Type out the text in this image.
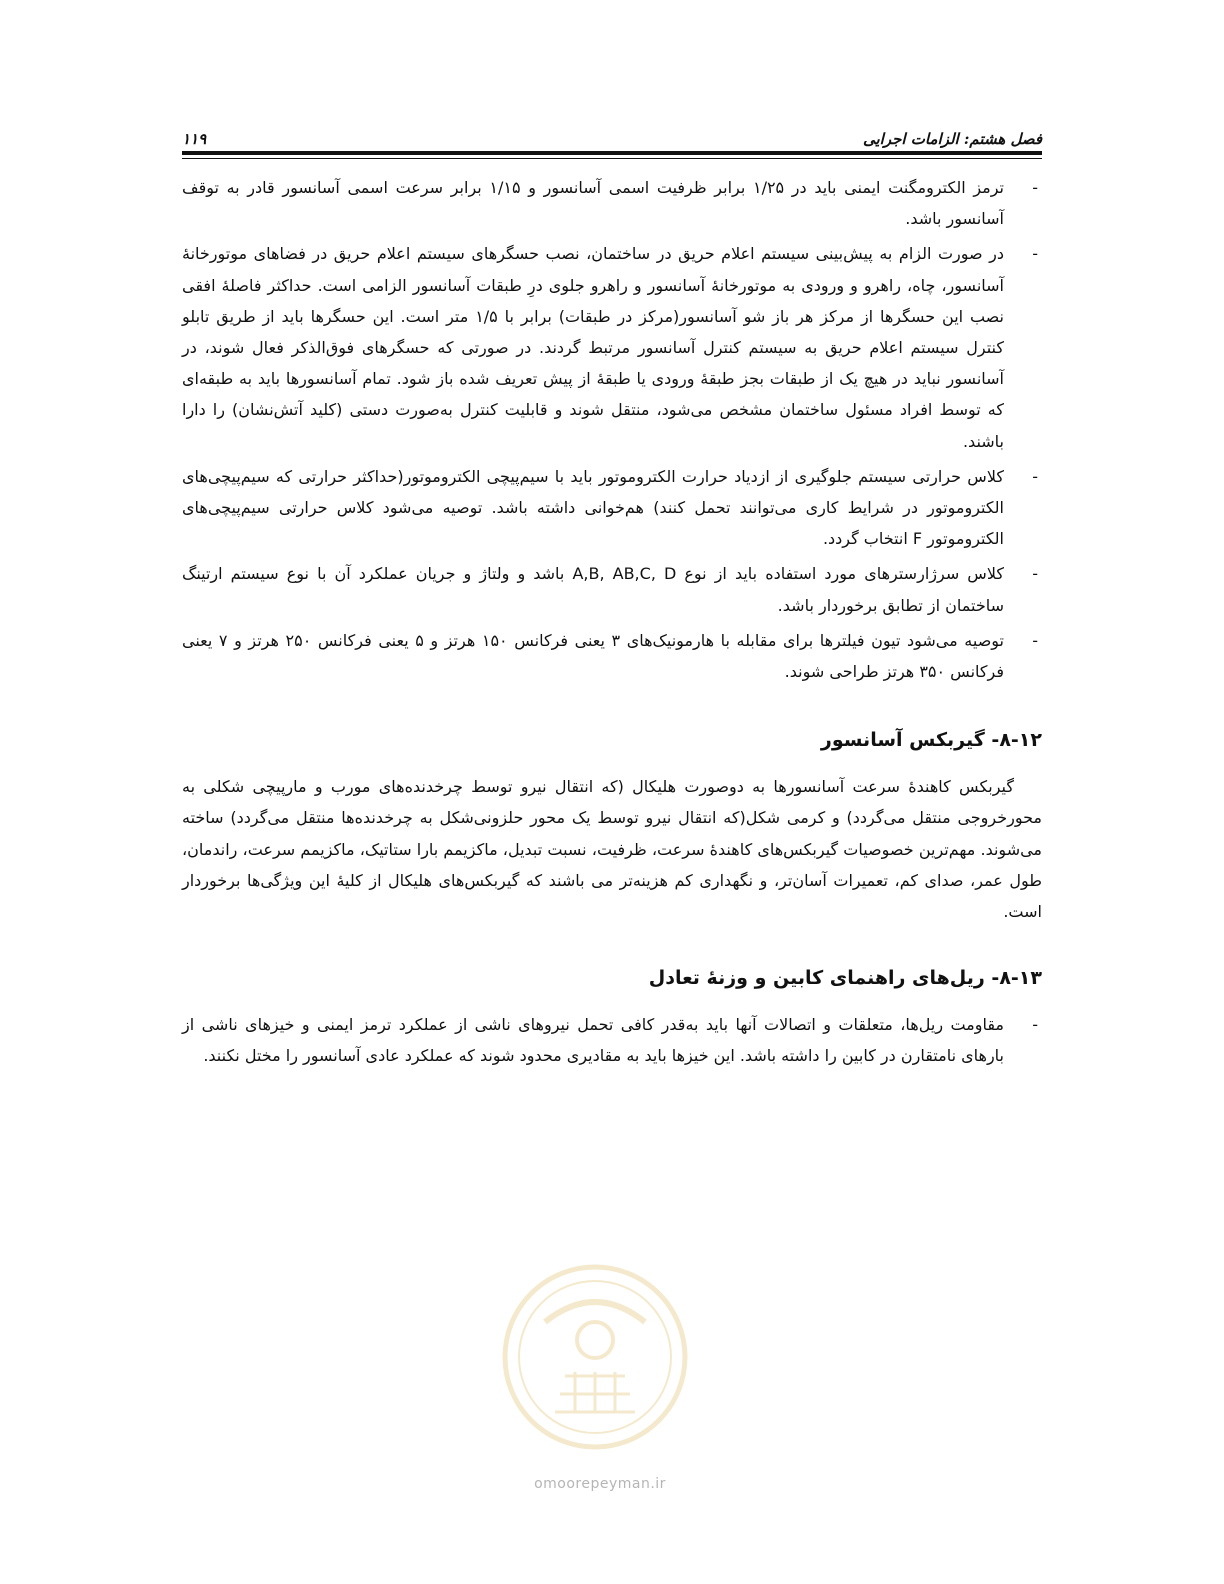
فصل هشتم: الزامات اجرایی
۱۱۹
-
ترمز الکترومگنت ایمنی باید در ۱/۲۵ برابر ظرفیت اسمی آسانسور و ۱/۱۵ برابر سرعت اسمی آسانسور قادر به توقف آسانسور باشد.
-
در صورت الزام به پیش‌بینی سیستم اعلام حریق در ساختمان، نصب حسگرهای سیستم اعلام حریق در فضاهای موتورخانهٔ آسانسور، چاه، راهرو و ورودی به موتورخانهٔ آسانسور و راهرو جلوی درِ طبقات آسانسور الزامی است. حداکثر فاصلهٔ افقی نصب این حسگرها از مرکز هر باز شو آسانسور(مرکز در طبقات) برابر با ۱/۵ متر است. این حسگرها باید از طریق تابلو کنترل سیستم اعلام حریق به سیستم کنترل آسانسور مرتبط گردند. در صورتی که حسگرهای فوق‌الذکر فعال شوند، در آسانسور نباید در هیچ یک از طبقات بجز طبقهٔ ورودی یا طبقهٔ از پیش تعریف شده باز شود. تمام آسانسورها باید به طبقه‌ای که توسط افراد مسئول ساختمان مشخص می‌شود، منتقل شوند و قابلیت کنترل به‌صورت دستی (کلید آتش‌نشان) را دارا باشند.
-
کلاس حرارتی سیستم جلوگیری از ازدیاد حرارت الکتروموتور باید با سیم‌پیچی الکتروموتور(حداکثر حرارتی که سیم‌پیچی‌های الکتروموتور در شرایط کاری می‌توانند تحمل کنند) هم‌خوانی داشته باشد. توصیه می‌شود کلاس حرارتی سیم‌پیچی‌های الکتروموتور F انتخاب گردد.
-
کلاس سرژارسترهای مورد استفاده باید از نوع A,B, AB,C, D باشد و ولتاژ و جریان عملکرد آن با نوع سیستم ارتینگ ساختمان از تطابق برخوردار باشد.
-
توصیه می‌شود تیون فیلترها برای مقابله با هارمونیک‌های ۳ یعنی فرکانس ۱۵۰ هرتز و ۵ یعنی فرکانس ۲۵۰ هرتز و ۷ یعنی فرکانس ۳۵۰ هرتز طراحی شوند.
۸-۱۲- گیربکس آسانسور

گیربکس کاهندهٔ سرعت آسانسورها به دوصورت هلیکال (که انتقال نیرو توسط چرخدنده‌های مورب و مارپیچی شکلی به محورخروجی منتقل می‌گردد) و کرمی شکل(که انتقال نیرو توسط یک محور حلزونی‌شکل به چرخدنده‌ها منتقل می‌گردد) ساخته می‌شوند. مهم‌ترین خصوصیات گیربکس‌های کاهندهٔ سرعت، ظرفیت، نسبت تبدیل، ماکزیمم بارا ستاتیک، ماکزیمم سرعت، راندمان، طول عمر، صدای کم، تعمیرات آسان‌تر، و نگهداری کم هزینه‌تر می باشند که گیربکس‌های هلیکال از کلیهٔ این ویژگی‌ها برخوردار است.

۸-۱۳- ریل‌های راهنمای کابین و وزنهٔ تعادل
-
مقاومت ریل‌ها، متعلقات و اتصالات آنها باید به‌قدر کافی تحمل نیروهای ناشی از عملکرد ترمز ایمنی و خیزهای ناشی از بارهای نامتقارن در کابین را داشته باشد. این خیزها باید به مقادیری محدود شوند که عملکرد عادی آسانسور را مختل نکنند.
omoorepeyman.ir
